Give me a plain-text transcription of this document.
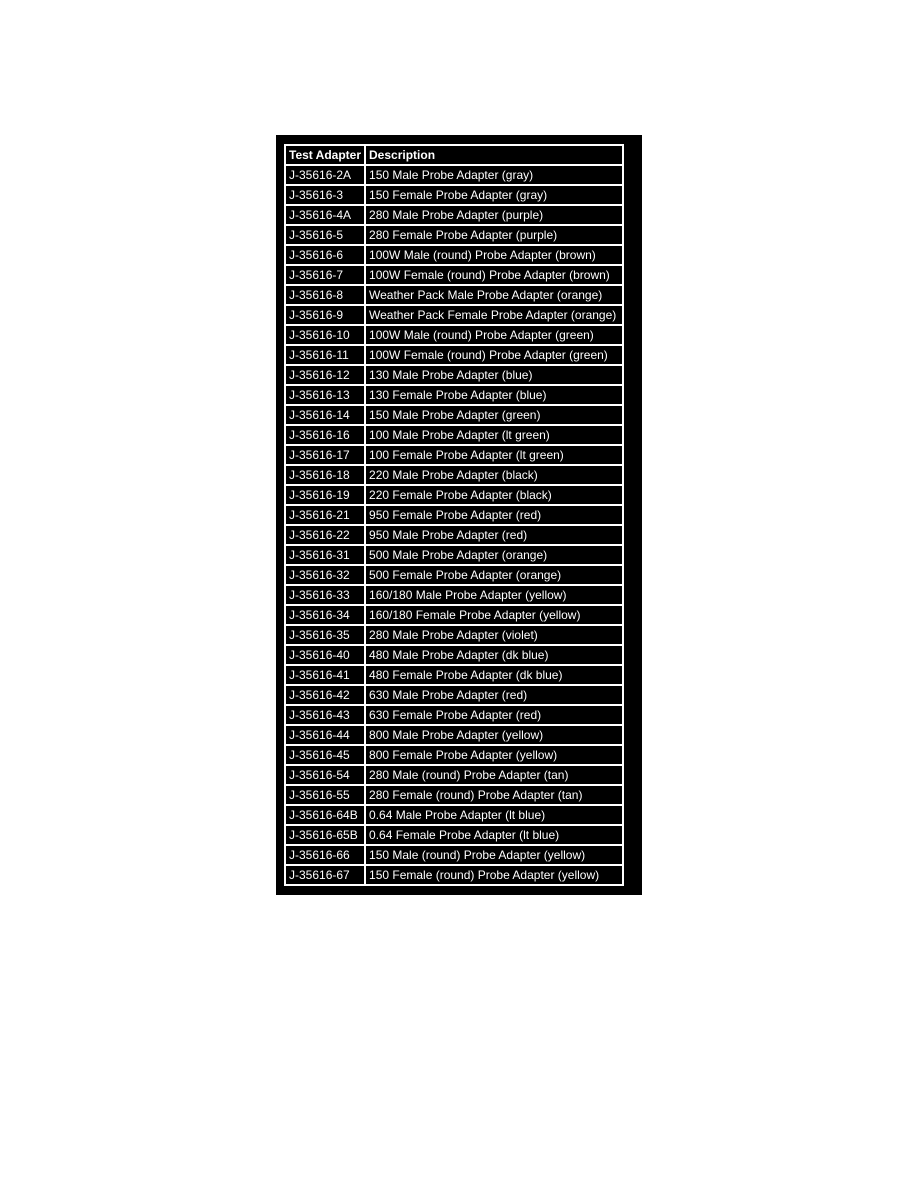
Test Adapter	Description
J-35616-2A	150 Male Probe Adapter (gray)
J-35616-3	150 Female Probe Adapter (gray)
J-35616-4A	280 Male Probe Adapter (purple)
J-35616-5	280 Female Probe Adapter (purple)
J-35616-6	100W Male (round) Probe Adapter (brown)
J-35616-7	100W Female (round) Probe Adapter (brown)
J-35616-8	Weather Pack Male Probe Adapter (orange)
J-35616-9	Weather Pack Female Probe Adapter (orange)
J-35616-10	100W Male (round) Probe Adapter (green)
J-35616-11	100W Female (round) Probe Adapter (green)
J-35616-12	130 Male Probe Adapter (blue)
J-35616-13	130 Female Probe Adapter (blue)
J-35616-14	150 Male Probe Adapter (green)
J-35616-16	100 Male Probe Adapter (lt green)
J-35616-17	100 Female Probe Adapter (lt green)
J-35616-18	220 Male Probe Adapter (black)
J-35616-19	220 Female Probe Adapter (black)
J-35616-21	950 Female Probe Adapter (red)
J-35616-22	950 Male Probe Adapter (red)
J-35616-31	500 Male Probe Adapter (orange)
J-35616-32	500 Female Probe Adapter (orange)
J-35616-33	160/180 Male Probe Adapter (yellow)
J-35616-34	160/180 Female Probe Adapter (yellow)
J-35616-35	280 Male Probe Adapter (violet)
J-35616-40	480 Male Probe Adapter (dk blue)
J-35616-41	480 Female Probe Adapter (dk blue)
J-35616-42	630 Male Probe Adapter (red)
J-35616-43	630 Female Probe Adapter (red)
J-35616-44	800 Male Probe Adapter (yellow)
J-35616-45	800 Female Probe Adapter (yellow)
J-35616-54	280 Male (round) Probe Adapter (tan)
J-35616-55	280 Female (round) Probe Adapter (tan)
J-35616-64B	0.64 Male Probe Adapter (lt blue)
J-35616-65B	0.64 Female Probe Adapter (lt blue)
J-35616-66	150 Male (round) Probe Adapter (yellow)
J-35616-67	150 Female (round) Probe Adapter (yellow)
